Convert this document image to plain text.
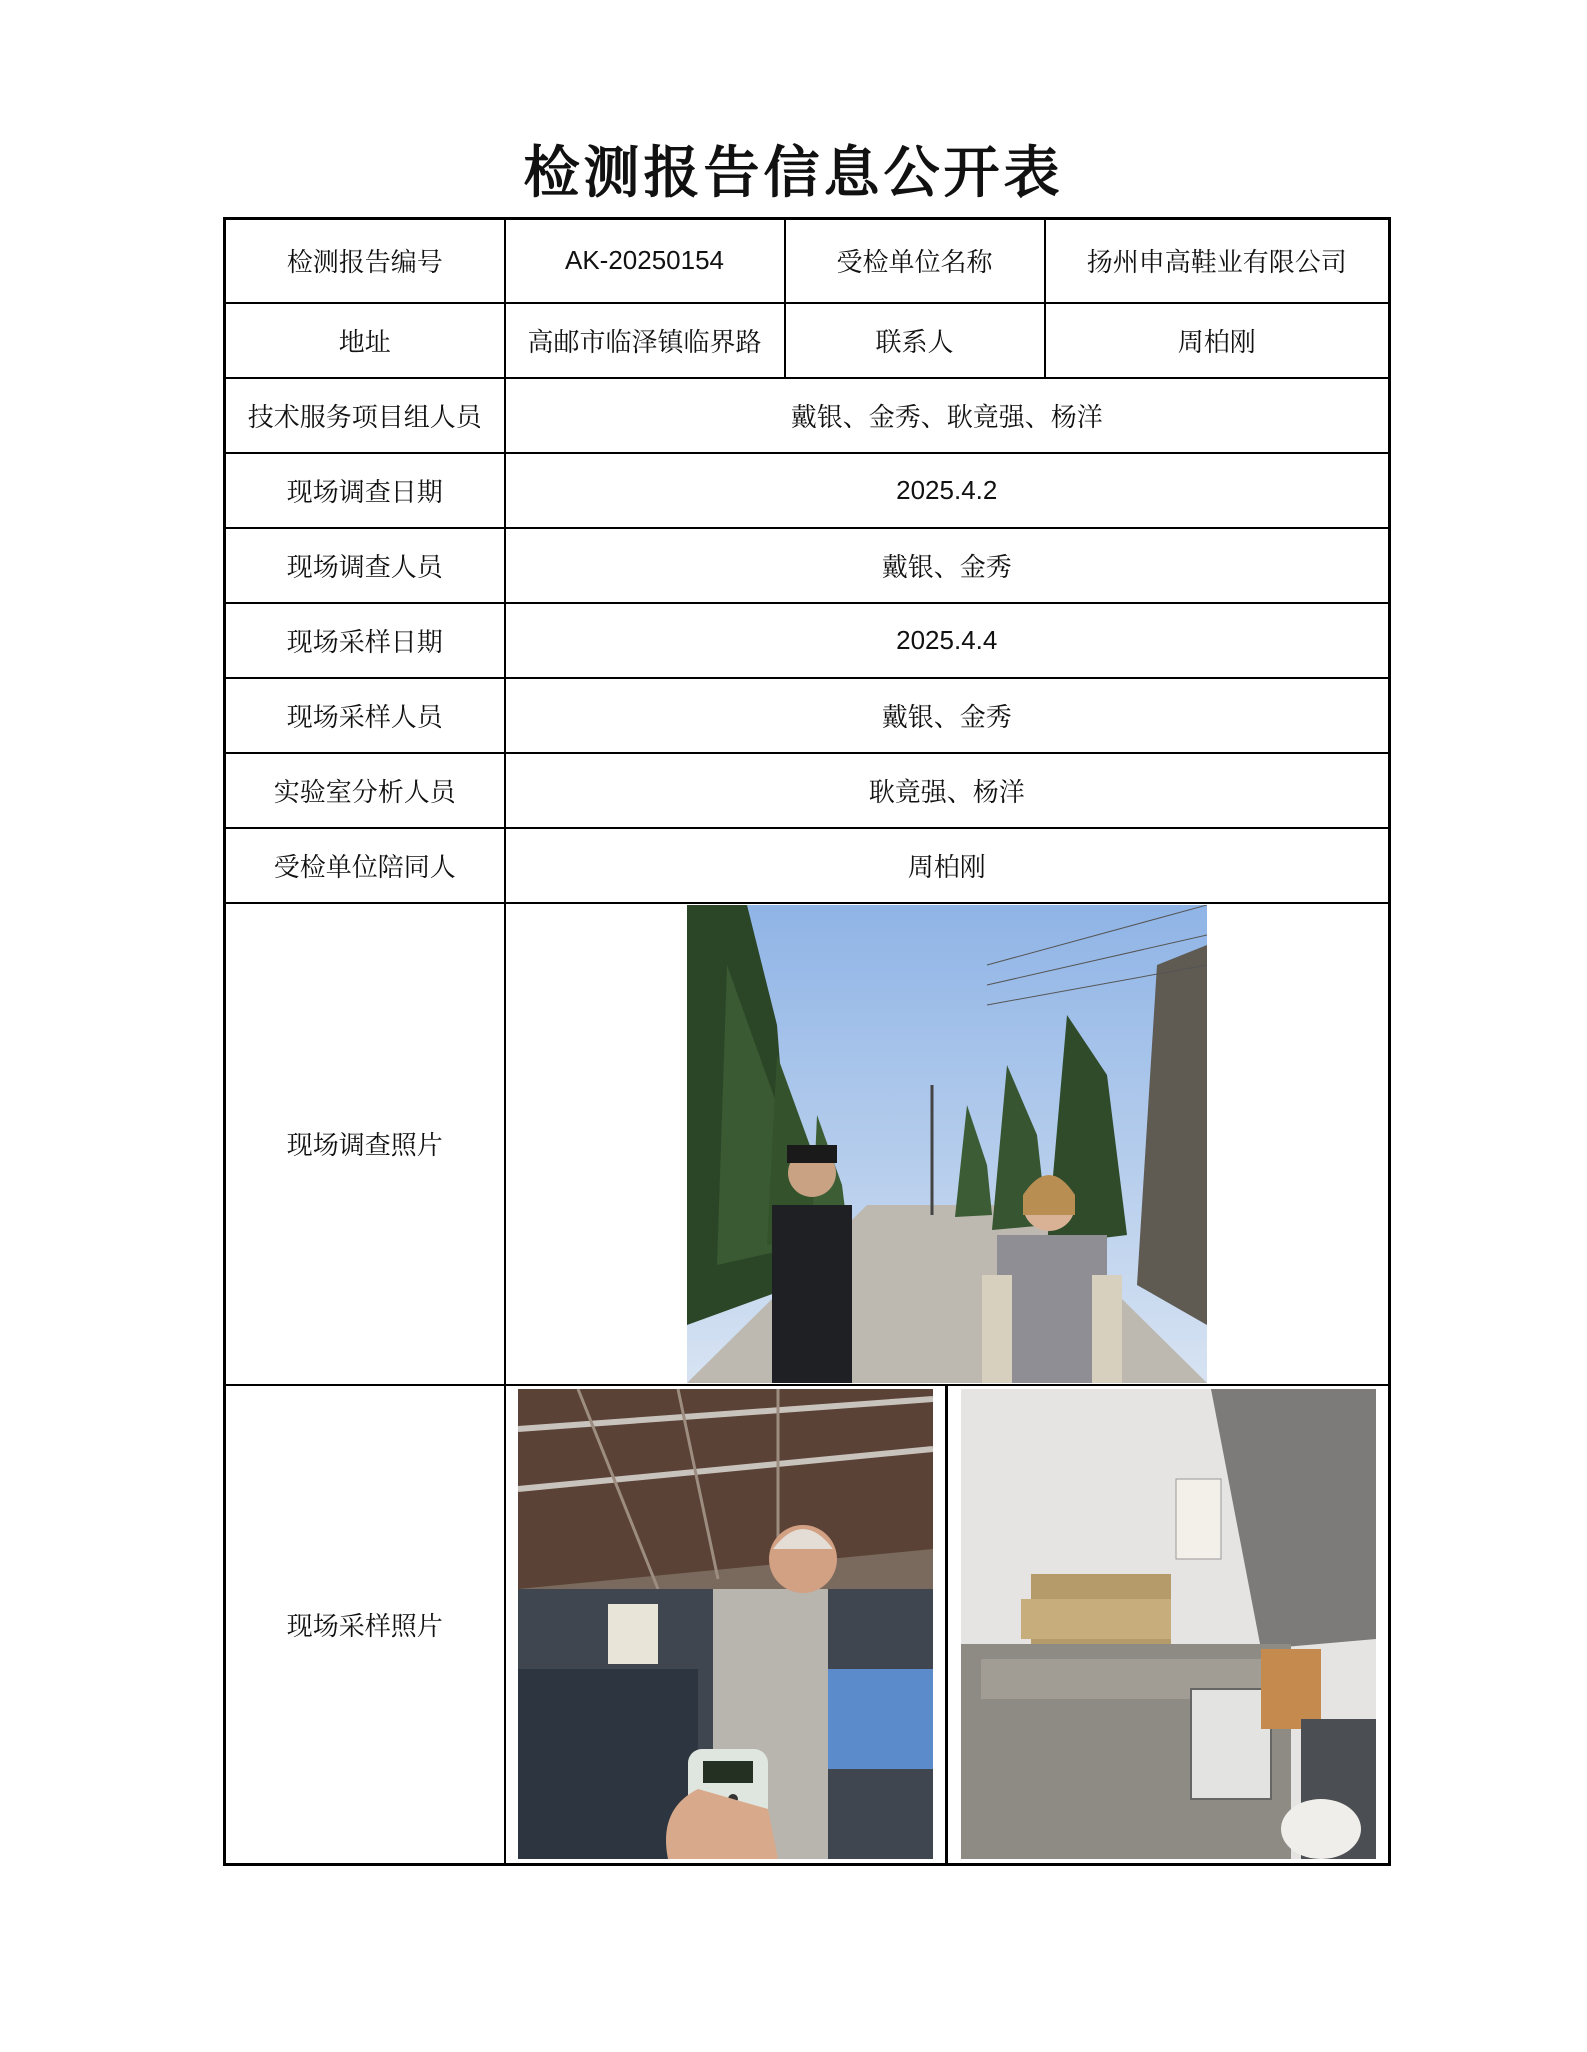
检测报告信息公开表
检测报告编号	AK-20250154	受检单位名称	扬州申高鞋业有限公司
地址	高邮市临泽镇临界路	联系人	周柏刚
技术服务项目组人员	戴银、金秀、耿竟强、杨洋		
现场调查日期	2025.4.2		
现场调查人员	戴银、金秀		
现场采样日期	2025.4.4		
现场采样人员	戴银、金秀		
实验室分析人员	耿竟强、杨洋		
受检单位陪同人	周柏刚		
现场调查照片	

现场采样照片	
